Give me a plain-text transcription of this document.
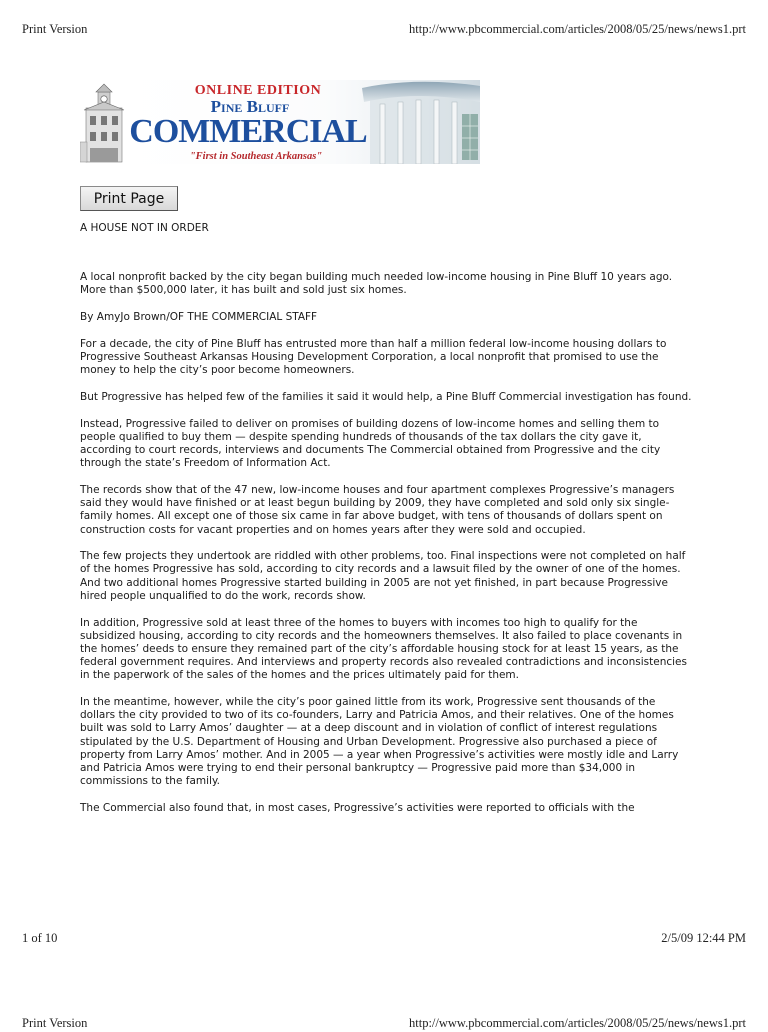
Print Version	http://www.pbcommercial.com/articles/2008/05/25/news/news1.prt
ONLINE EDITION
Pine Bluff
COMMERCIAL
"First in Southeast Arkansas"
Print Page
A HOUSE NOT IN ORDER

A local nonprofit backed by the city began building much needed low-income housing in Pine Bluff 10 years ago. More than $500,000 later, it has built and sold just six homes.

By AmyJo Brown/OF THE COMMERCIAL STAFF

For a decade, the city of Pine Bluff has entrusted more than half a million federal low-income housing dollars to Progressive Southeast Arkansas Housing Development Corporation, a local nonprofit that promised to use the money to help the city’s poor become homeowners.

But Progressive has helped few of the families it said it would help, a Pine Bluff Commercial investigation has found.

Instead, Progressive failed to deliver on promises of building dozens of low-income homes and selling them to people qualified to buy them — despite spending hundreds of thousands of the tax dollars the city gave it, according to court records, interviews and documents The Commercial obtained from Progressive and the city through the state’s Freedom of Information Act.

The records show that of the 47 new, low-income houses and four apartment complexes Progressive’s managers said they would have finished or at least begun building by 2009, they have completed and sold only six single-family homes. All except one of those six came in far above budget, with tens of thousands of dollars spent on construction costs for vacant properties and on homes years after they were sold and occupied.

The few projects they undertook are riddled with other problems, too. Final inspections were not completed on half of the homes Progressive has sold, according to city records and a lawsuit filed by the owner of one of the homes. And two additional homes Progressive started building in 2005 are not yet finished, in part because Progressive hired people unqualified to do the work, records show.

In addition, Progressive sold at least three of the homes to buyers with incomes too high to qualify for the subsidized housing, according to city records and the homeowners themselves. It also failed to place covenants in the homes’ deeds to ensure they remained part of the city’s affordable housing stock for at least 15 years, as the federal government requires. And interviews and property records also revealed contradictions and inconsistencies in the paperwork of the sales of the homes and the prices ultimately paid for them.

In the meantime, however, while the city’s poor gained little from its work, Progressive sent thousands of the dollars the city provided to two of its co-founders, Larry and Patricia Amos, and their relatives. One of the homes built was sold to Larry Amos’ daughter — at a deep discount and in violation of conflict of interest regulations stipulated by the U.S. Department of Housing and Urban Development. Progressive also purchased a piece of property from Larry Amos’ mother. And in 2005 — a year when Progressive’s activities were mostly idle and Larry and Patricia Amos were trying to end their personal bankruptcy — Progressive paid more than $34,000 in commissions to the family.

The Commercial also found that, in most cases, Progressive’s activities were reported to officials with the

1 of 10	2/5/09 12:44 PM
Print Version	http://www.pbcommercial.com/articles/2008/05/25/news/news1.prt
